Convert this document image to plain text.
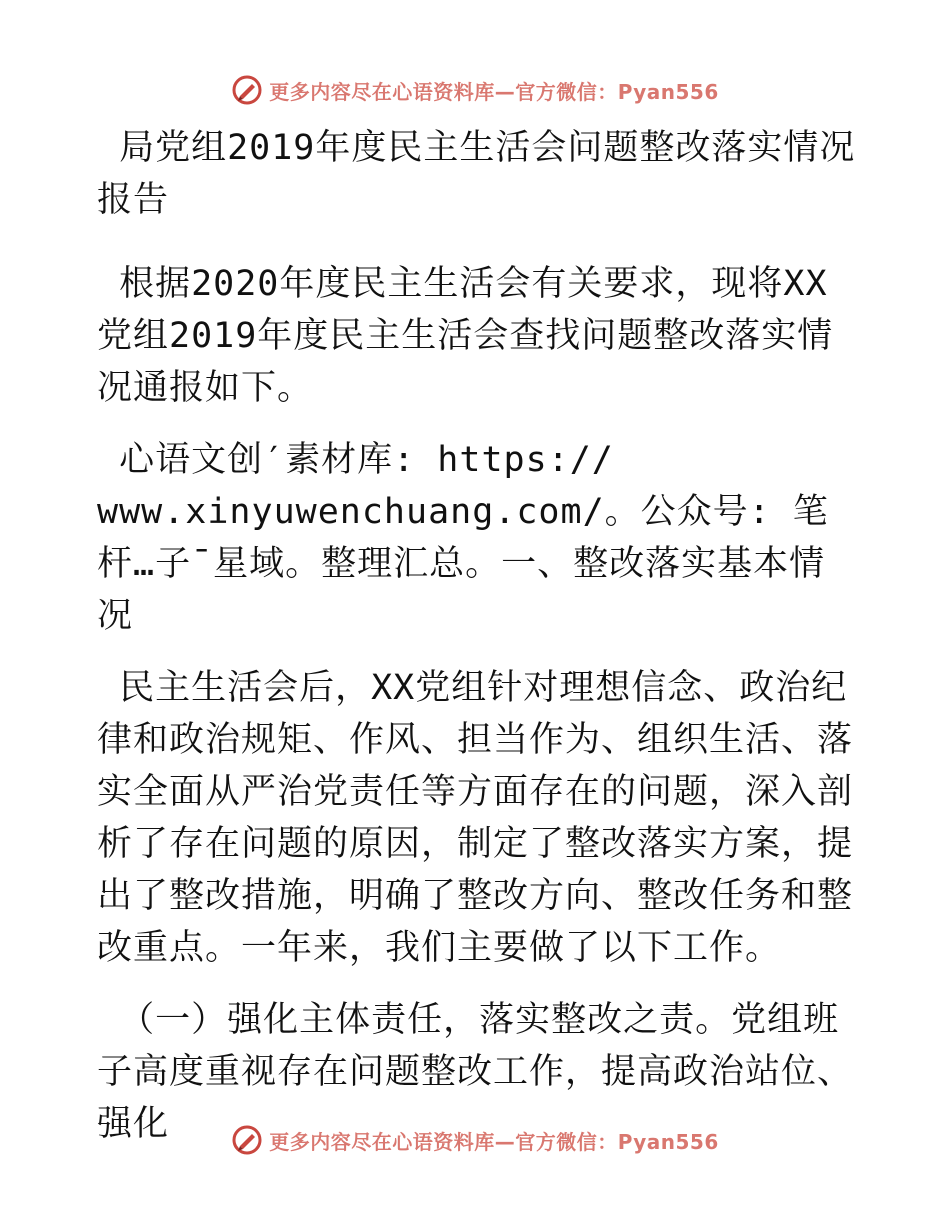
更多内容尽在心语资料库—官方微信：Pyan556

局党组2019年度民主生活会问题整改落实情况报告

根据2020年度民主生活会有关要求，现将XX党组2019年度民主生活会查找问题整改落实情况通报如下。

心语文创′素材库: https://
www.xinyuwenchuang.com/。公众号: 笔杆…子¯星域。整理汇总。一、整改落实基本情况

民主生活会后，XX党组针对理想信念、政治纪律和政治规矩、作风、担当作为、组织生活、落实全面从严治党责任等方面存在的问题，深入剖析了存在问题的原因，制定了整改落实方案，提出了整改措施，明确了整改方向、整改任务和整改重点。一年来，我们主要做了以下工作。

（一）强化主体责任，落实整改之责。党组班子高度重视存在问题整改工作，提高政治站位、强化	更多内容尽在心语资料库—官方微信：Pyan556
